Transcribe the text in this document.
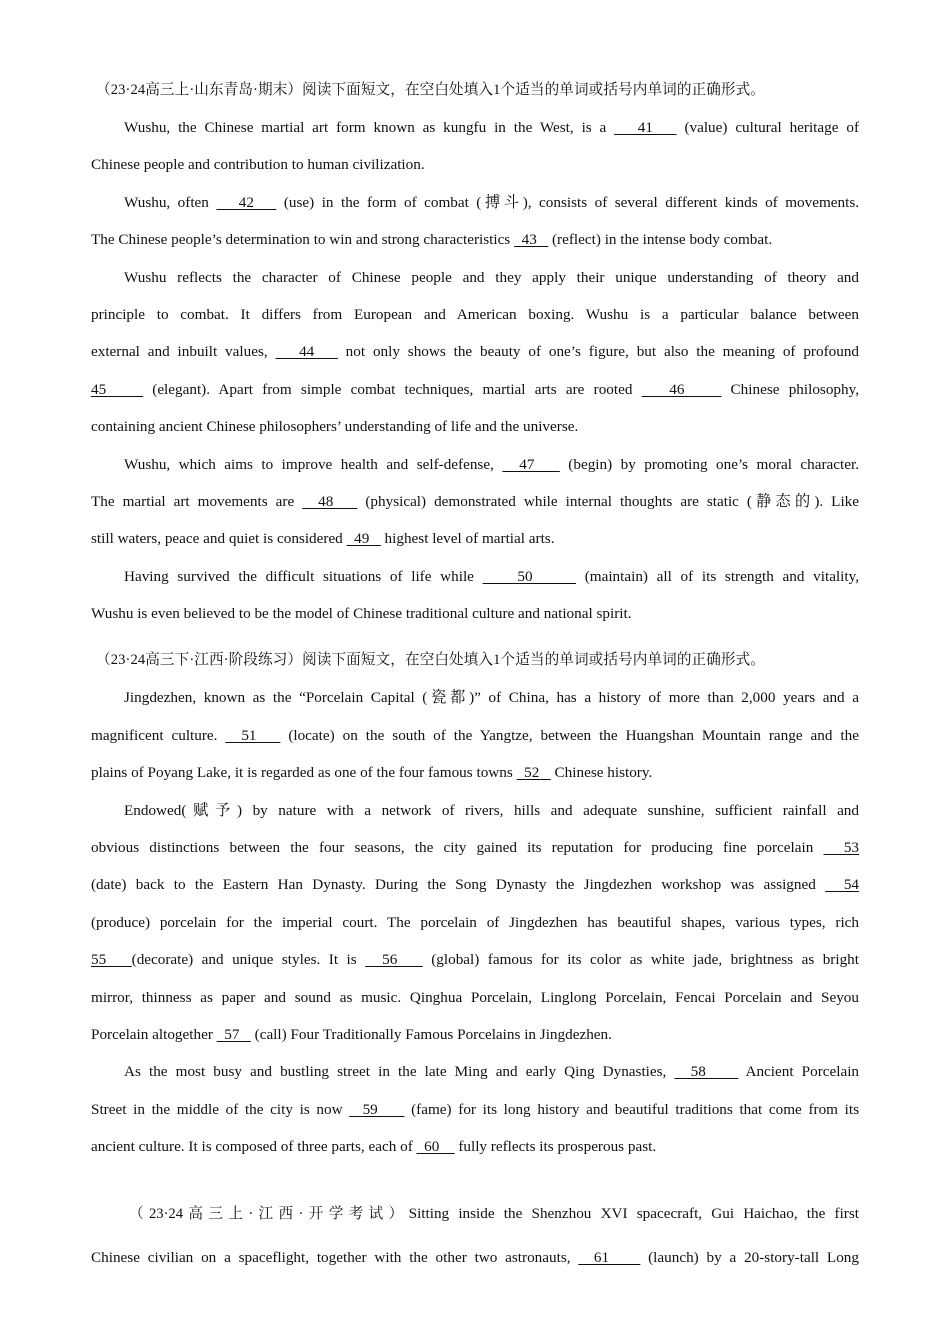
（23·24高三上·山东青岛·期末）阅读下面短文，在空白处填入1个适当的单词或括号内单词的正确形式。
Wushu, the Chinese martial art form known as kungfu in the West, is a    41    (value) cultural heritage of
Chinese people and contribution to human civilization.
Wushu, often    42    (use) in the form of combat (搏斗), consists of several different kinds of movements.
The Chinese people’s determination to win and strong characteristics   43    (reflect) in the intense body combat.
Wushu reflects the character of Chinese people and they apply their unique understanding of theory and
principle to combat. It differs from European and American boxing. Wushu is a particular balance between
external and inbuilt values,    44    not only shows the beauty of one’s figure, but also the meaning of profound
45     (elegant). Apart from simple combat techniques, martial arts are rooted    46     Chinese philosophy,
containing ancient Chinese philosophers’ understanding of life and the universe.
Wushu, which aims to improve health and self-defense,   47    (begin) by promoting one’s moral character.
The martial art movements are   48    (physical) demonstrated while internal thoughts are static (静态的). Like
still waters, peace and quiet is considered   49    highest level of martial arts.
Having survived the difficult situations of life while     50      (maintain) all of its strength and vitality,
Wushu is even believed to be the model of Chinese traditional culture and national spirit.
（23·24高三下·江西·阶段练习）阅读下面短文，在空白处填入1个适当的单词或括号内单词的正确形式。
Jingdezhen, known as the “Porcelain Capital (瓷都)” of China, has a history of more than 2,000 years and a
magnificent culture.   51    (locate) on the south of the Yangtze, between the Huangshan Mountain range and the
plains of Poyang Lake, it is regarded as one of the four famous towns   52    Chinese history.
Endowed(赋予) by nature with a network of rivers, hills and adequate sunshine, sufficient rainfall and
obvious distinctions between the four seasons, the city gained its reputation for producing fine porcelain   53
(date) back to the Eastern Han Dynasty. During the Song Dynasty the Jingdezhen workshop was assigned   54
(produce) porcelain for the imperial court. The porcelain of Jingdezhen has beautiful shapes, various types, rich
55   (decorate) and unique styles. It is   56    (global) famous for its color as white jade, brightness as bright
mirror, thinness as paper and sound as music. Qinghua Porcelain, Linglong Porcelain, Fencai Porcelain and Seyou
Porcelain altogether   57    (call) Four Traditionally Famous Porcelains in Jingdezhen.
As the most busy and bustling street in the late Ming and early Qing Dynasties,   58     Ancient Porcelain
Street in the middle of the city is now   59     (fame) for its long history and beautiful traditions that come from its
ancient culture. It is composed of three parts, each of   60     fully reflects its prosperous past.
（23·24高三上·江西·开学考试）Sitting inside the Shenzhou XVI spacecraft, Gui Haichao, the first
Chinese civilian on a spaceflight, together with the other two astronauts,   61     (launch) by a 20-story-tall Long
